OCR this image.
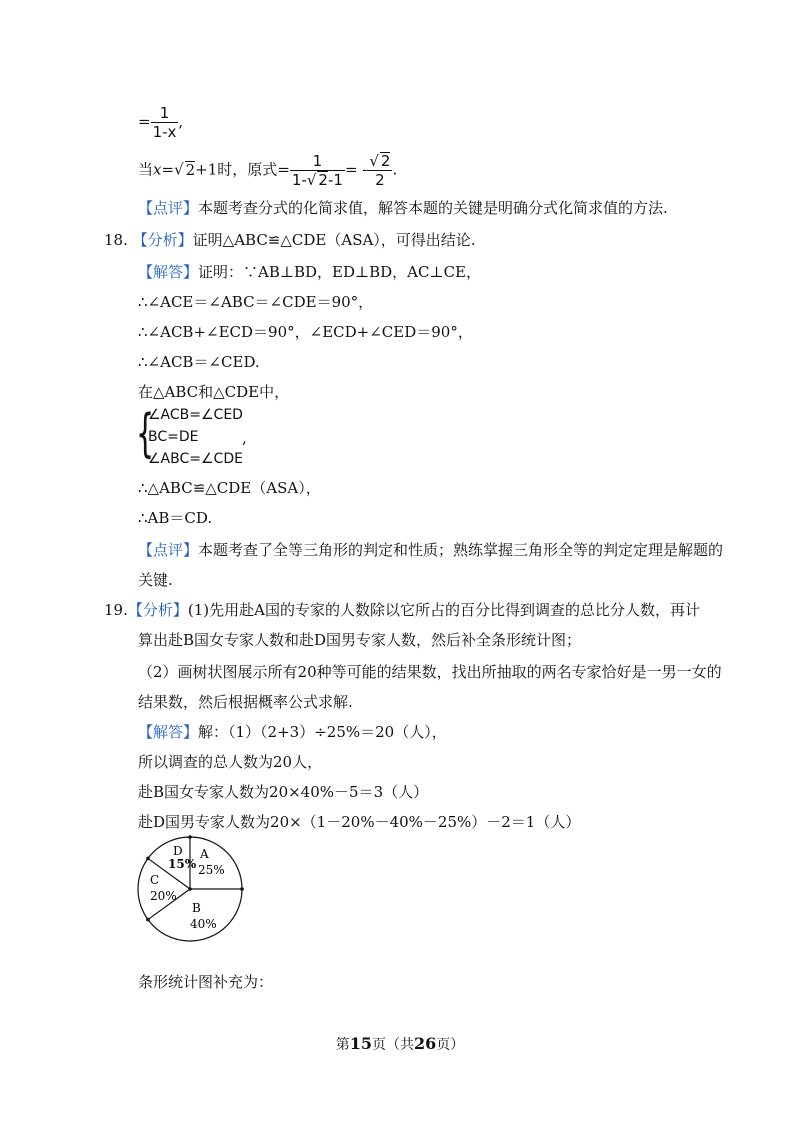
= $\frac{1}{1-x}$ ,
当x=√ 2+1时，原式= $\frac{1}{1-√ 2-1}$ = - $\frac{√ 2}{2}$ .
【点评】本题考查分式的化简求值，解答本题的关键是明确分式化简求值的方法.
18. 【分析】证明△ABC≌△CDE（ASA），可得出结论.
【解答】证明：∵AB⊥BD，ED⊥BD，AC⊥CE，
∴∠ACE＝∠ABC＝∠CDE＝90°，
∴∠ACB+∠ECD＝90°，∠ECD+∠CED＝90°，
∴∠ACB＝∠CED.
在△ABC和△CDE中，
{
∠ACB=∠CED
BC=DE
∠ABC=∠CDE
,
∴△ABC≌△CDE（ASA），
∴AB＝CD.
【点评】本题考查了全等三角形的判定和性质；熟练掌握三角形全等的判定定理是解题的
关键.
19.【分析】(1)先用赴A国的专家的人数除以它所占的百分比得到调查的总比分人数，再计
算出赴B国女专家人数和赴D国男专家人数，然后补全条形统计图；
（2）画树状图展示所有20种等可能的结果数，找出所抽取的两名专家恰好是一男一女的
结果数，然后根据概率公式求解.
【解答】解：（1）（2+3）÷25%＝20（人），
所以调查的总人数为20人，
赴B国女专家人数为20×40%－5＝3（人）
赴D国男专家人数为20×（1－20%－40%－25%）－2＝1（人）
D
15%
A
25%
C
20%
B
40%
条形统计图补充为：
第15页（共26页）
